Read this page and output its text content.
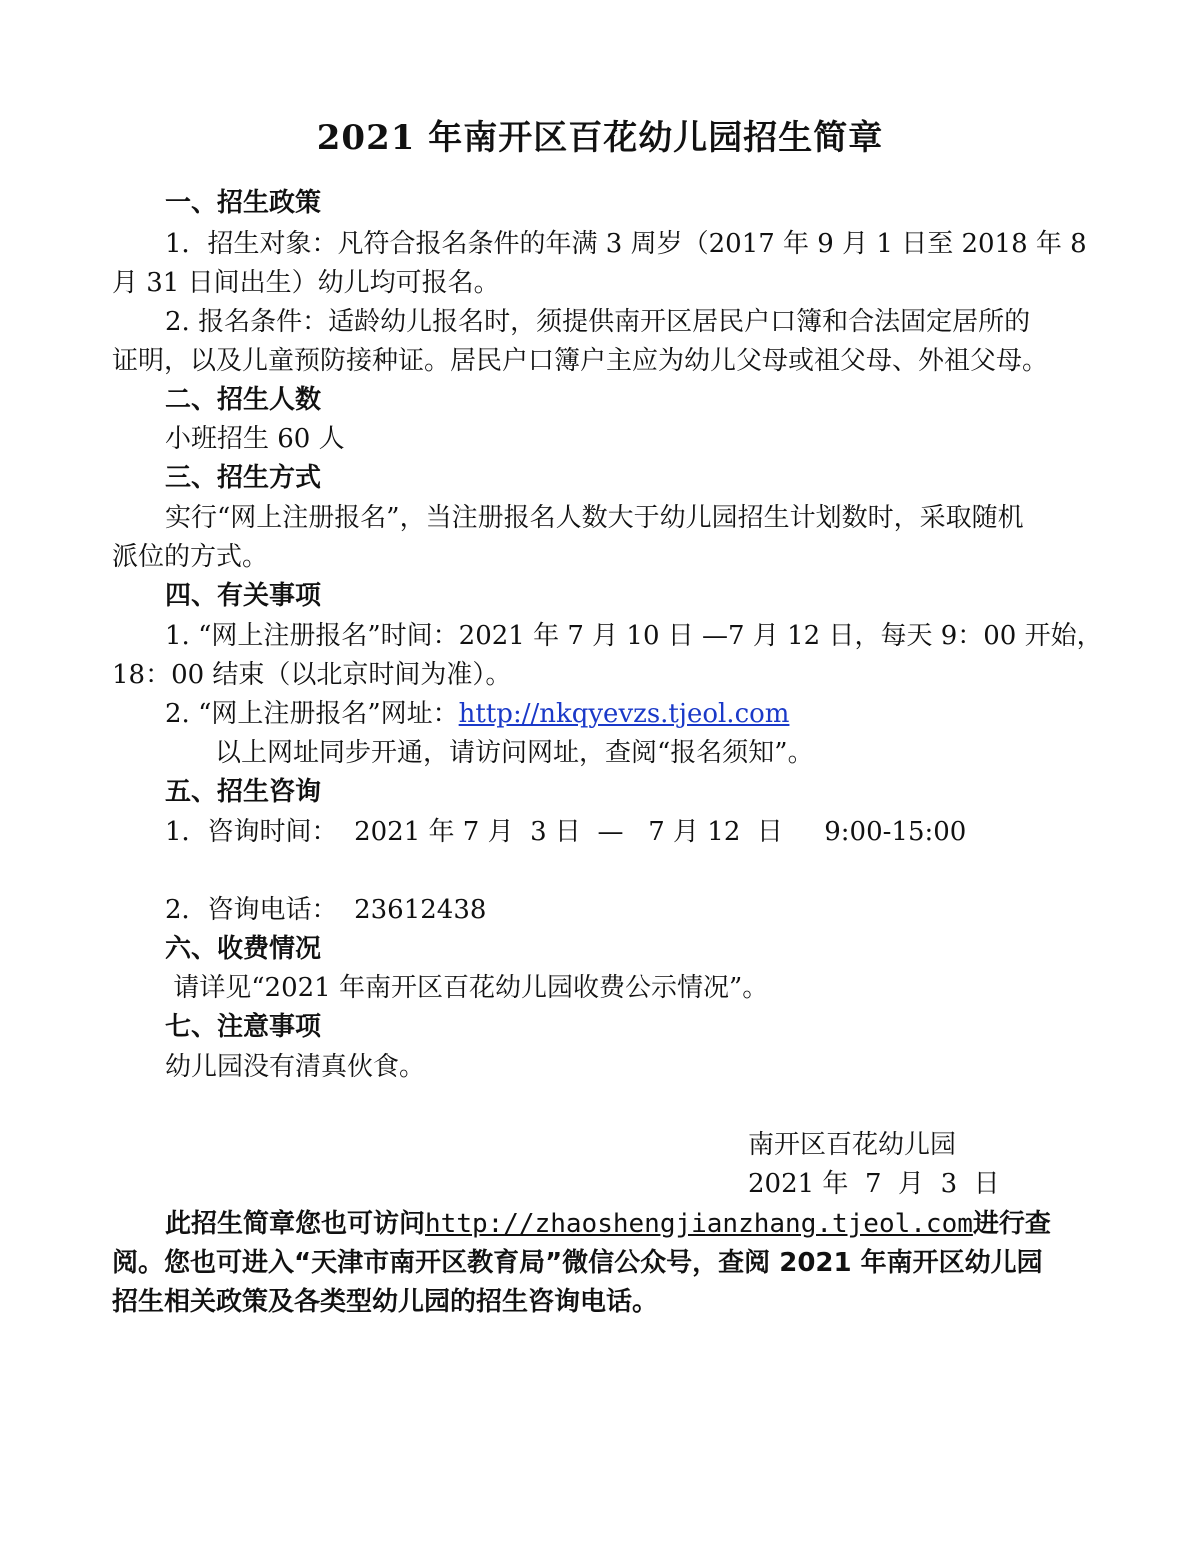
2021 年南开区百花幼儿园招生简章
一、招生政策
1．招生对象：凡符合报名条件的年满 3 周岁（2017 年 9 月 1 日至 2018 年 8
月 31 日间出生）幼儿均可报名。
2. 报名条件：适龄幼儿报名时，须提供南开区居民户口簿和合法固定居所的
证明，以及儿童预防接种证。居民户口簿户主应为幼儿父母或祖父母、外祖父母。
二、招生人数
小班招生 60 人
三、招生方式
实行“网上注册报名”，当注册报名人数大于幼儿园招生计划数时，采取随机
派位的方式。
四、有关事项
1. “网上注册报名”时间：2021 年 7 月 10 日 —7 月 12 日，每天 9：00 开始，
18：00 结束（以北京时间为准）。
2. “网上注册报名”网址：http://nkqyevzs.tjeol.com
以上网址同步开通，请访问网址，查阅“报名须知”。
五、招生咨询
1．咨询时间：  2021 年 7 月  3 日  —   7 月 12  日     9:00-15:00
2．咨询电话：  23612438
六、收费情况
请详见“2021 年南开区百花幼儿园收费公示情况”。
七、注意事项
幼儿园没有清真伙食。
南开区百花幼儿园
2021 年  7  月  3  日
此招生简章您也可访问http://zhaoshengjianzhang.tjeol.com进行查
阅。您也可进入“天津市南开区教育局”微信公众号，查阅 2021 年南开区幼儿园
招生相关政策及各类型幼儿园的招生咨询电话。
